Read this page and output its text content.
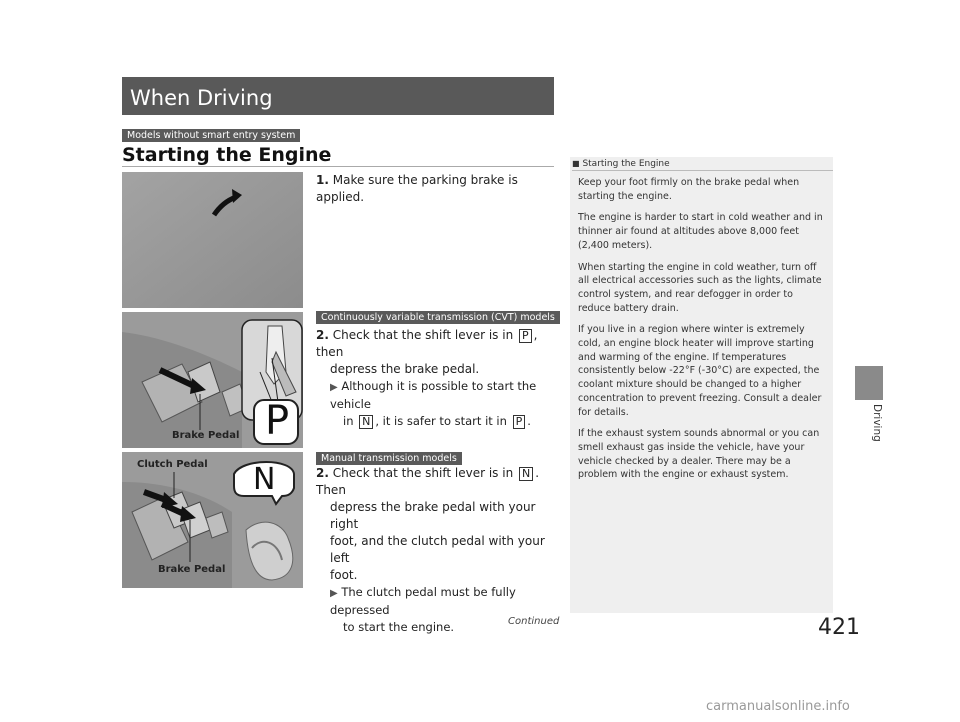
When Driving
Models without smart entry system
Starting the Engine
1. Make sure the parking brake is applied.
Continuously variable transmission (CVT) models
P
Brake Pedal
2. Check that the shift lever is in P , then
depress the brake pedal.
▶ Although it is possible to start the vehicle
in N , it is safer to start it in P .
Manual transmission models
N
Clutch Pedal
Brake Pedal
2. Check that the shift lever is in N . Then
depress the brake pedal with your right
foot, and the clutch pedal with your left
foot.
▶ The clutch pedal must be fully depressed
to start the engine.
■ Starting the Engine

Keep your foot firmly on the brake pedal when starting the engine.

The engine is harder to start in cold weather and in thinner air found at altitudes above 8,000 feet (2,400 meters).

When starting the engine in cold weather, turn off all electrical accessories such as the lights, climate control system, and rear defogger in order to reduce battery drain.

If you live in a region where winter is extremely cold, an engine block heater will improve starting and warming of the engine. If temperatures consistently below -22°F (-30°C) are expected, the coolant mixture should be changed to a higher concentration to prevent freezing. Consult a dealer for details.

If the exhaust system sounds abnormal or you can smell exhaust gas inside the vehicle, have your vehicle checked by a dealer. There may be a problem with the engine or exhaust system.

Driving
Continued	421
carmanualsonline.info
